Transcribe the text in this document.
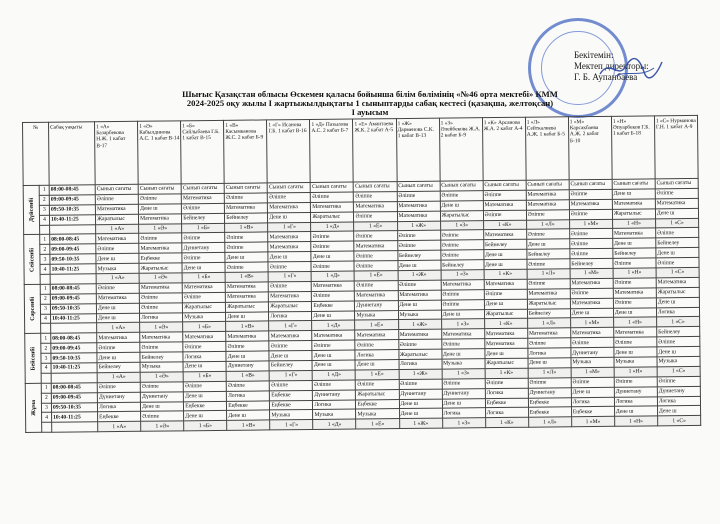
Бекітемін:
Мектеп директоры:
Г. Б. Аупанбаева
Шығыс Қазақстан облысы Өскемен қаласы бойынша білім бөлімінің «№46 орта мектебі» КММ
2024-2025 оқу жылы І жартыжылдықтағы 1 сыныптарды сабақ кестесі (қазақша, желтоқсан)
І ауысым
№		Сабақ уақыты	1 «А» Базарбекова Н.Ж. 1 кабат В-17	1 «Ә» Кабылдинова А.С. 1 кабат В-14	1 «Б» Сайлыбаева Г.Б. 1 кабат В-15	1 «В» Касымканова Ж.С. 2 кабат Б-9	1 «Г» Исанова Г.Б. 1 кабат В-16	1 «Д» Пазылова А.С. 2 кабат Б-7	1 «Е» Амантаева Ж.К. 2 кабат А-5	1 «Ж» Дарменова С.К. 1 кабат В-13	1 «З» Әлейбекова Ж.А. 2 кабат Б-9	1 «К» Арсанова Ж.А. 2 кабат А-4	1 «Л» Сейткалиева А.Ж. 1 кабат Б-5	1 «М» Карсакбаева А.Ж. 2 кабат Б-10	1 «Н» Әпуарбеков Г.Б. 1 кабат Б-18	1 «С» Нурманова Г.Н. 1 кабат А-9

Дүйсенбі	1	08:00-08:45	Сынып сағаты	Сынып сағаты	Сынып сағаты	Сынып сағаты	Сынып сағаты	Сынып сағаты	Сынып сағаты	Сынып сағаты	Сынып сағаты	Сынып сағаты	Сынып сағаты	Сынып сағаты	Сынып сағаты	Сынып сағаты
	2	09:00-09:45	Әліппе	Әліппе	Математика	Әліппе	Әліппе	Әліппе	Әліппе	Әліппе	Әліппе	Әліппе	Математика	Әліппе	Дене ш	Әліппе
	3	09:50-10:35	Математика	Дене ш	Әліппе	Математика	Математика	Математика	Математика	Математика	Дене ш	Математика	Математика	Математика	Математика	Математика
	4	10:40-11:25	Жаратылыс	Математика	Бейнелеу	Бейнелеу	Дене ш	Жаратылыс	Әліппе	Математика	Жаратылыс	Әліппе	Әліппе	Әліппе	Жаратылыс	Дене ш
			1 «А»	1 «Ә»	1 «Б»	1 «В»	1 «Г»	1 «Д»	1 «Е»	1 «Ж»	1 «З»	1 «К»	1 «Л»	1 «М»	1 «Н»	1 «С»

Сейсенбі	1	08:00-08:45	Математика	Әліппе	Әліппе	Әліппе	Математика	Әліппе	Әліппе	Әліппе	Әліппе	Математика	Әліппе	Әліппе	Математика	Әліппе
	2	09:00-09:45	Әліппе	Математика	Дүниетану	Әліппе	Математика	Әліппе	Математика	Әліппе	Әліппе	Бейнелеу	Дене ш	Әліппе	Дене ш	Бейнелеу
	3	09:50-10:35	Дене ш	Еңбекке	Әліппе	Дене ш	Дене ш	Дене ш	Әліппе	Бейнелеу	Әліппе	Дене ш	Бейнелеу	Әліппе	Бейнелеу	Дене ш
	4	10:40-11:25	Музыка	Жаратылыс	Дене ш	Әліппе	Әліппе	Әліппе	Әліппе	Дене ш	Бейнелеу	Дене ш	Әліппе	Бейнелеу	Әліппе	Әліппе
			1 «А»	1 «Ә»	1 «Б»	1 «В»	1 «Г»	1 «Д»	1 «Е»	1 «Ж»	1 «З»	1 «К»	1 «Л»	1 «М»	1 «Н»	1 «С»

Сәрсенбі	1	08:00-08:45	Әліппе	Математика	Математика	Математика	Әліппе	Математика	Әліппе	Әліппе	Математика	Математика	Әліппе	Математика	Әліппе	Математика
	2	09:00-09:45	Математика	Әліппе	Әліппе	Математика	Математика	Әліппе	Математика	Математика	Әліппе	Әліппе	Математика	Әліппе	Математика	Жаратылыс
	3	09:50-10:35	Дене ш	Әліппе	Жаратылыс	Жаратылыс	Жаратылыс	Еңбекке	Дүниетану	Дене ш	Әліппе	Дене ш	Жаратылыс	Математика	Әліппе	Дене ш
	4	10:40-11:25	Дене ш	Логика	Музыка	Дене ш	Логика	Дене ш	Музыка	Музыка	Дене ш	Жаратылыс	Бейнелеу	Дене ш	Дене ш	Логика
			1 «А»	1 «Ә»	1 «Б»	1 «В»	1 «Г»	1 «Д»	1 «Е»	1 «Ж»	1 «З»	1 «К»	1 «Л»	1 «М»	1 «Н»	1 «С»

Бейсенбі	1	08:00-08:45	Математика	Математика	Математика	Математика	Математика	Математика	Математика	Математика	Математика	Математика	Математика	Математика	Математика	Бейнелеу
	2	09:00-09:45	Әліппе	Әліппе	Әліппе	Әліппе	Әліппе	Әліппе	Әліппе	Әліппе	Әліппе	Математика	Әліппе	Әліппе	Әліппе	Әліппе
	3	09:50-10:35	Дене ш	Бейнелеу	Логика	Дене ш	Дене ш	Дене ш	Логика	Жаратылыс	Дене ш	Дене ш	Логика	Дүниетану	Дене ш	Дене ш
	4	10:40-11:25	Бейнелеу	Музыка	Дене ш	Дүниетану	Бейнелеу	Дене ш	Дене ш	Логика	Музыка	Жаратылыс	Дене ш	Музыка	Музыка	Музыка
			1 «А»	1 «Ә»	1 «Б»	1 «В»	1 «Г»	1 «Д»	1 «Е»	1 «Ж»	1 «З»	1 «К»	1 «Л»	1 «М»	1 «Н»	1 «С»

Жұма	1	08:00-08:45	Әліппе	Әліппе	Әліппе	Әліппе	Әліппе	Әліппе	Әліппе	Әліппе	Әліппе	Әліппе	Әліппе	Әліппе	Әліппе	Әліппе
	2	09:00-09:45	Дүниетану	Дүниетану	Дене ш	Логика	Еңбекке	Дүниетану	Жаратылыс	Дүниетану	Дүниетану	Логика	Дүниетану	Дене ш	Дүниетану	Дүниетану
	3	09:50-10:35	Логика	Дене ш	Еңбекке	Еңбекке	Еңбекке	Логика	Еңбекке	Дене ш	Дене ш	Еңбекке	Еңбекке	Логика	Логика	Логика
	4	10:40-11:25	Еңбекке	Әліппе	Дене ш	Дене ш	Музыка	Музыка	Музыка	Дене ш	Логика	Логика	Еңбекке	Еңбекке	Дене ш	Дене ш
			1 «А»	1 «Ә»	1 «Б»	1 «В»	1 «Г»	1 «Д»	1 «Е»	1 «Ж»	1 «З»	1 «К»	1 «Л»	1 «М»	1 «Н»	1 «С»
